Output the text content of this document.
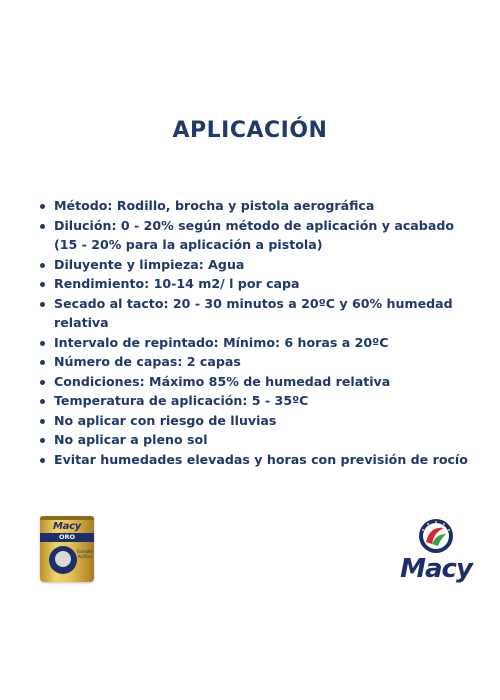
APLICACIÓN
Método: Rodillo, brocha y pistola aerográfica
Dilución: 0 - 20% según método de aplicación y acabado (15 - 20% para la aplicación a pistola)
Diluyente y limpieza: Agua
Rendimiento: 10-14 m2/ l por capa
Secado al tacto: 20 - 30 minutos a 20ºC y 60% humedad relativa
Intervalo de repintado: Mínimo: 6 horas a 20ºC
Número de capas: 2 capas
Condiciones: Máximo 85% de humedad relativa
Temperatura de aplicación: 5 - 35ºC
No aplicar con riesgo de lluvias
No aplicar a pleno sol
Evitar humedades elevadas y horas con previsión de rocío
Macy
ORO
Esmalte Acrílico	Macy
